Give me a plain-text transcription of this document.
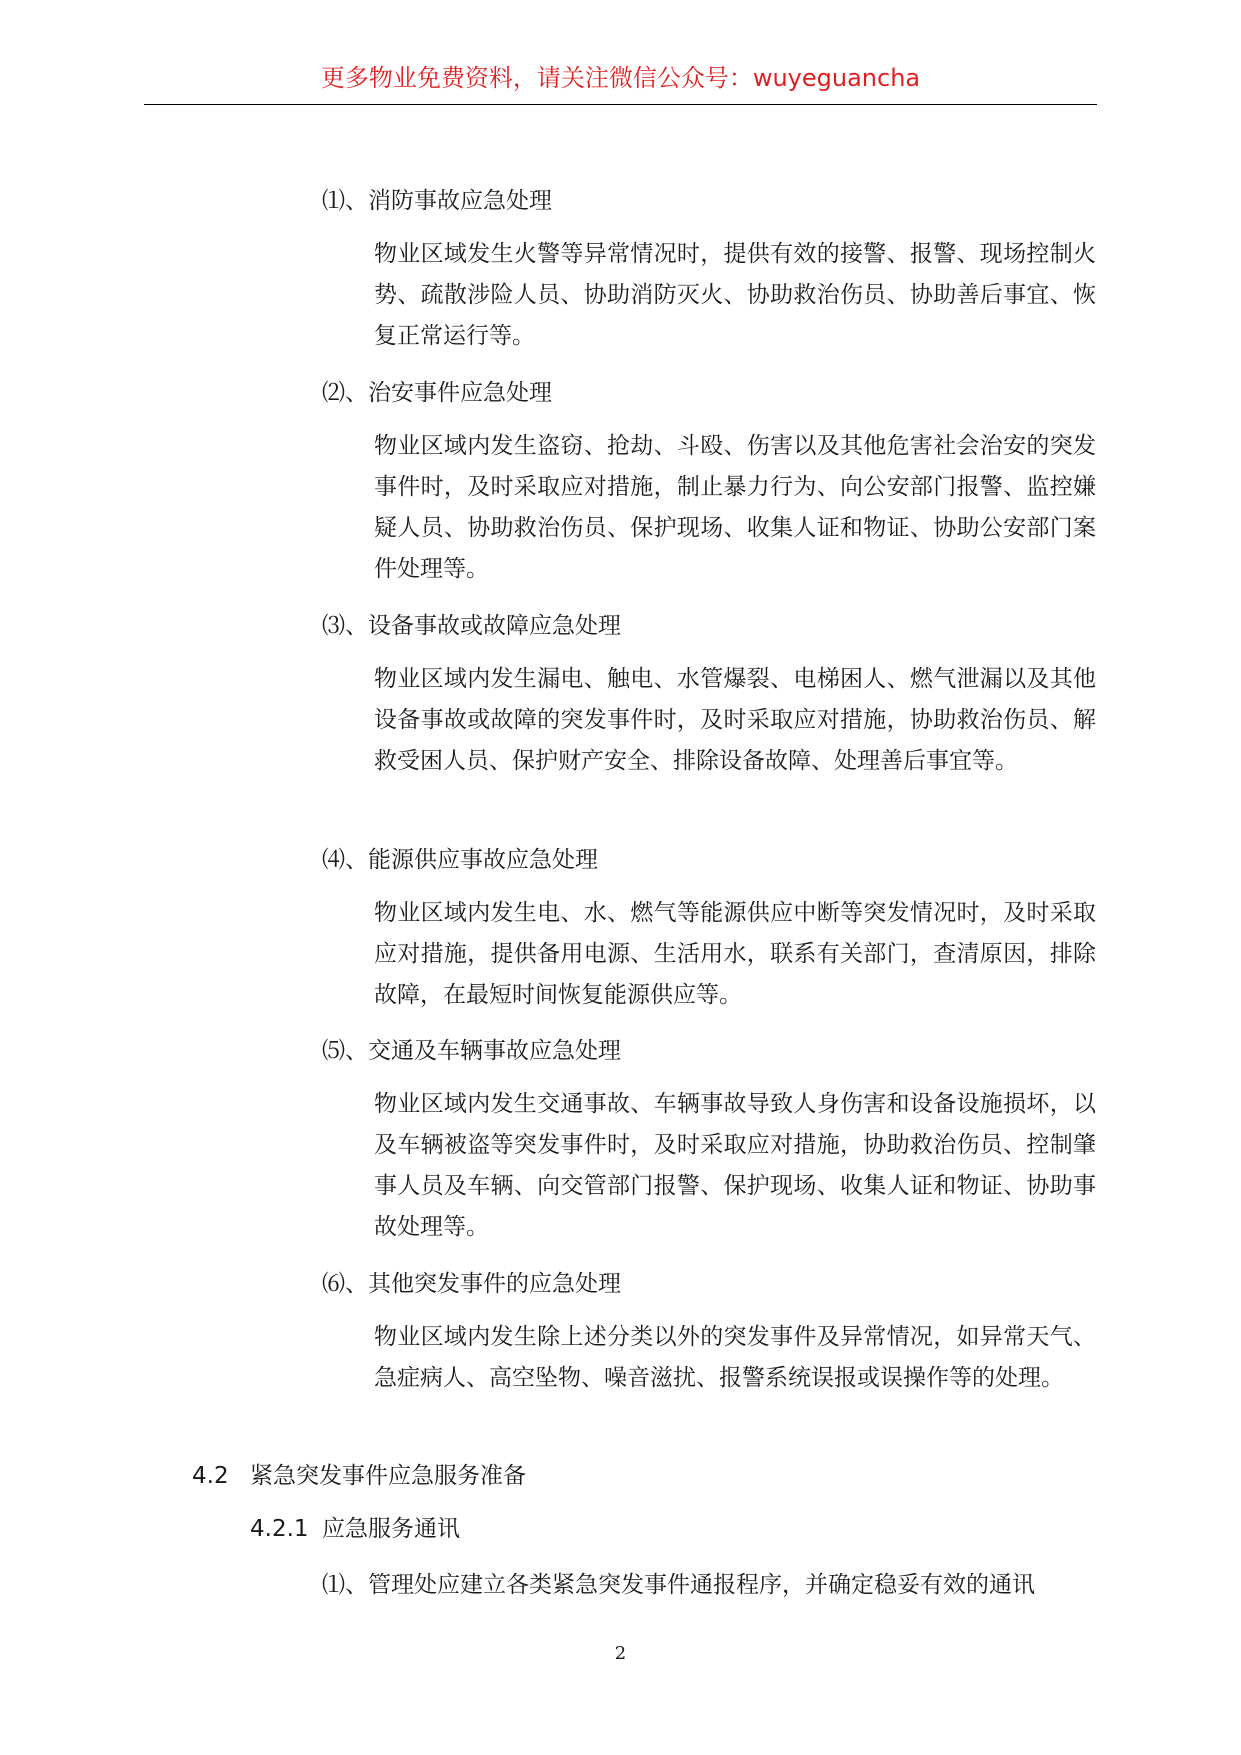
更多物业免费资料，请关注微信公众号：wuyeguancha
⑴、消防事故应急处理
物业区域发生火警等异常情况时，提供有效的接警、报警、现场控制火势、疏散涉险人员、协助消防灭火、协助救治伤员、协助善后事宜、恢复正常运行等。
⑵、治安事件应急处理
物业区域内发生盗窃、抢劫、斗殴、伤害以及其他危害社会治安的突发事件时，及时采取应对措施，制止暴力行为、向公安部门报警、监控嫌疑人员、协助救治伤员、保护现场、收集人证和物证、协助公安部门案件处理等。
⑶、设备事故或故障应急处理
物业区域内发生漏电、触电、水管爆裂、电梯困人、燃气泄漏以及其他设备事故或故障的突发事件时，及时采取应对措施，协助救治伤员、解救受困人员、保护财产安全、排除设备故障、处理善后事宜等。
⑷、能源供应事故应急处理
物业区域内发生电、水、燃气等能源供应中断等突发情况时，及时采取应对措施，提供备用电源、生活用水，联系有关部门，查清原因，排除故障，在最短时间恢复能源供应等。
⑸、交通及车辆事故应急处理
物业区域内发生交通事故、车辆事故导致人身伤害和设备设施损坏，以及车辆被盗等突发事件时，及时采取应对措施，协助救治伤员、控制肇事人员及车辆、向交管部门报警、保护现场、收集人证和物证、协助事故处理等。
⑹、其他突发事件的应急处理
物业区域内发生除上述分类以外的突发事件及异常情况，如异常天气、急症病人、高空坠物、噪音滋扰、报警系统误报或误操作等的处理。
4.2 紧急突发事件应急服务准备
4.2.1 应急服务通讯
⑴、管理处应建立各类紧急突发事件通报程序，并确定稳妥有效的通讯
2
